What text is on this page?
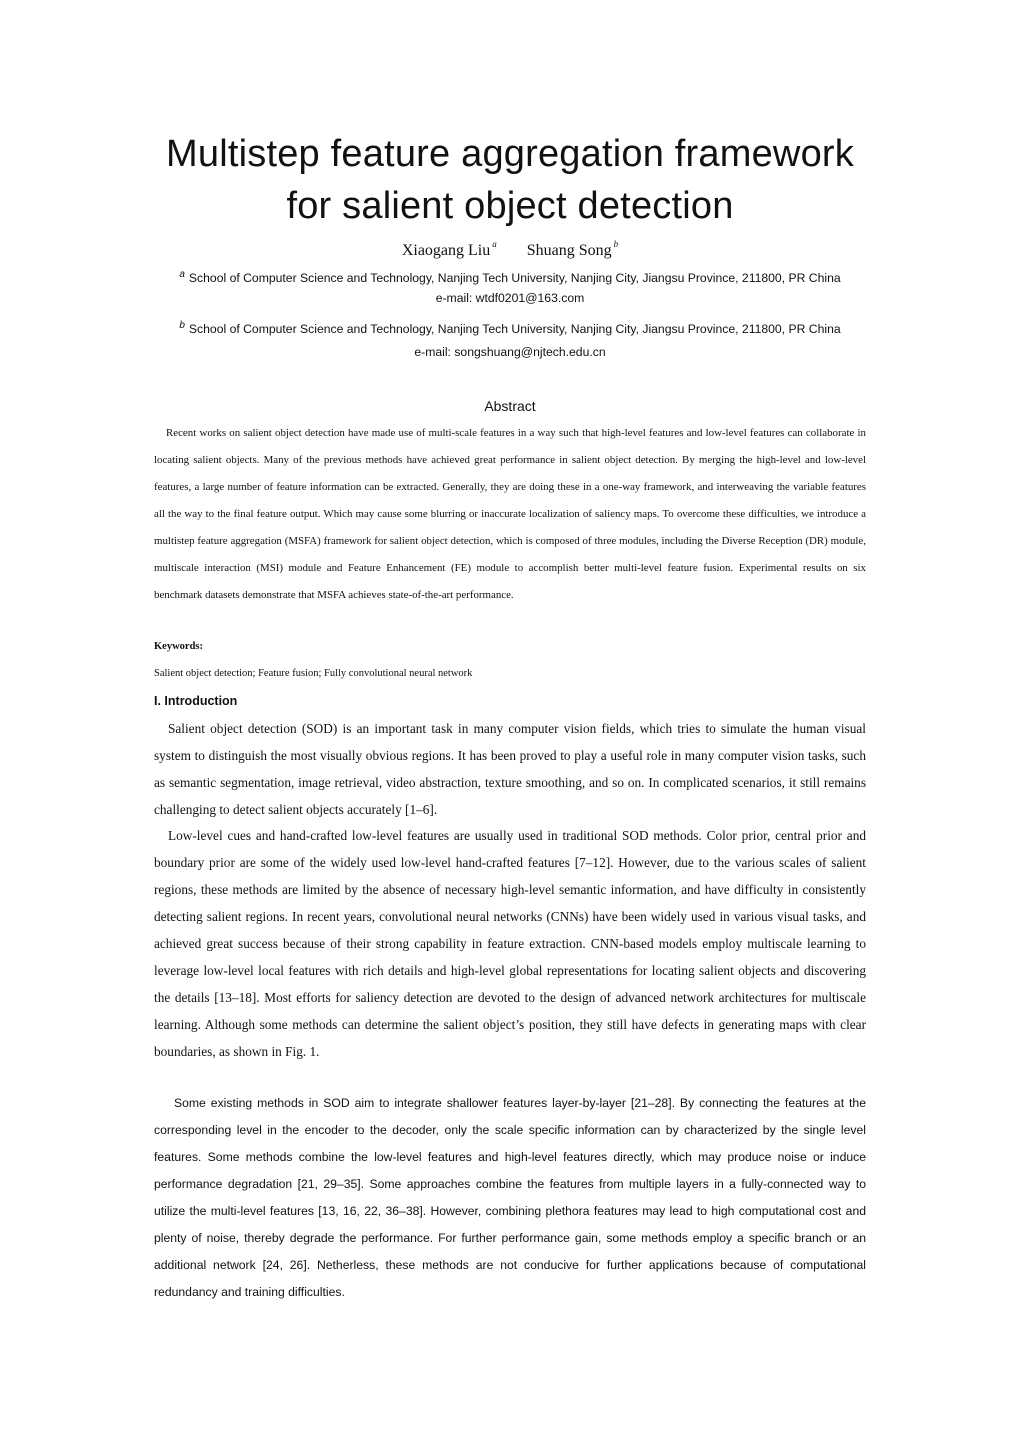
Multistep feature aggregation framework for salient object detection
Xiaogang Liu $^a$ Shuang Song $^b$
$^a$ School of Computer Science and Technology, Nanjing Tech University, Nanjing City, Jiangsu Province, 211800, PR China
e-mail: wtdf0201@163.com
$^b$ School of Computer Science and Technology, Nanjing Tech University, Nanjing City, Jiangsu Province, 211800, PR China
e-mail: songshuang@njtech.edu.cn
Abstract

Recent works on salient object detection have made use of multi-scale features in a way such that high-level features and low-level features can collaborate in locating salient objects. Many of the previous methods have achieved great performance in salient object detection. By merging the high-level and low-level features, a large number of feature information can be extracted. Generally, they are doing these in a one-way framework, and interweaving the variable features all the way to the final feature output. Which may cause some blurring or inaccurate localization of saliency maps. To overcome these difficulties, we introduce a multistep feature aggregation (MSFA) framework for salient object detection, which is composed of three modules, including the Diverse Reception (DR) module, multiscale interaction (MSI) module and Feature Enhancement (FE) module to accomplish better multi-level feature fusion. Experimental results on six benchmark datasets demonstrate that MSFA achieves state-of-the-art performance.

Keywords:
Salient object detection; Feature fusion; Fully convolutional neural network
I. Introduction

Salient object detection (SOD) is an important task in many computer vision fields, which tries to simulate the human visual system to distinguish the most visually obvious regions. It has been proved to play a useful role in many computer vision tasks, such as semantic segmentation, image retrieval, video abstraction, texture smoothing, and so on. In complicated scenarios, it still remains challenging to detect salient objects accurately [1–6].

Low-level cues and hand-crafted low-level features are usually used in traditional SOD methods. Color prior, central prior and boundary prior are some of the widely used low-level hand-crafted features [7–12]. However, due to the various scales of salient regions, these methods are limited by the absence of necessary high-level semantic information, and have difficulty in consistently detecting salient regions. In recent years, convolutional neural networks (CNNs) have been widely used in various visual tasks, and achieved great success because of their strong capability in feature extraction. CNN-based models employ multiscale learning to leverage low-level local features with rich details and high-level global representations for locating salient objects and discovering the details [13–18]. Most efforts for saliency detection are devoted to the design of advanced network architectures for multiscale learning. Although some methods can determine the salient object’s position, they still have defects in generating maps with clear boundaries, as shown in Fig. 1.

Some existing methods in SOD aim to integrate shallower features layer-by-layer [21–28]. By connecting the features at the corresponding level in the encoder to the decoder, only the scale specific information can by characterized by the single level features. Some methods combine the low-level features and high-level features directly, which may produce noise or induce performance degradation [21, 29–35]. Some approaches combine the features from multiple layers in a fully-connected way to utilize the multi-level features [13, 16, 22, 36–38]. However, combining plethora features may lead to high computational cost and plenty of noise, thereby degrade the performance. For further performance gain, some methods employ a specific branch or an additional network [24, 26]. Netherless, these methods are not conducive for further applications because of computational redundancy and training difficulties.
